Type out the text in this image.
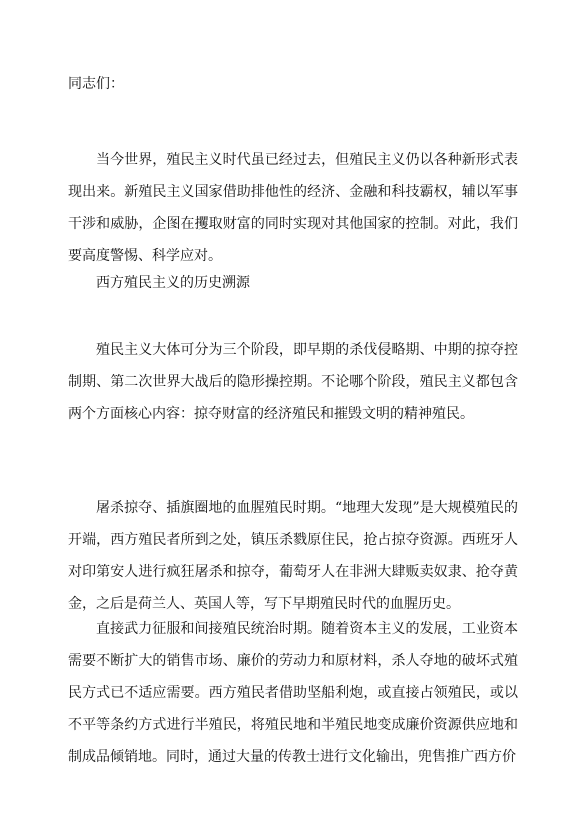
同志们：

当今世界，殖民主义时代虽已经过去，但殖民主义仍以各种新形式表现出来。新殖民主义国家借助排他性的经济、金融和科技霸权，辅以军事干涉和威胁，企图在攫取财富的同时实现对其他国家的控制。对此，我们要高度警惕、科学应对。

西方殖民主义的历史溯源

殖民主义大体可分为三个阶段，即早期的杀伐侵略期、中期的掠夺控制期、第二次世界大战后的隐形操控期。不论哪个阶段，殖民主义都包含两个方面核心内容：掠夺财富的经济殖民和摧毁文明的精神殖民。

屠杀掠夺、插旗圈地的血腥殖民时期。“地理大发现”是大规模殖民的开端，西方殖民者所到之处，镇压杀戮原住民，抢占掠夺资源。西班牙人对印第安人进行疯狂屠杀和掠夺，葡萄牙人在非洲大肆贩卖奴隶、抢夺黄金，之后是荷兰人、英国人等，写下早期殖民时代的血腥历史。

直接武力征服和间接殖民统治时期。随着资本主义的发展，工业资本需要不断扩大的销售市场、廉价的劳动力和原材料，杀人夺地的破坏式殖民方式已不适应需要。西方殖民者借助坚船利炮，或直接占领殖民，或以不平等条约方式进行半殖民，将殖民地和半殖民地变成廉价资源供应地和制成品倾销地。同时，通过大量的传教士进行文化输出，兜售推广西方价
